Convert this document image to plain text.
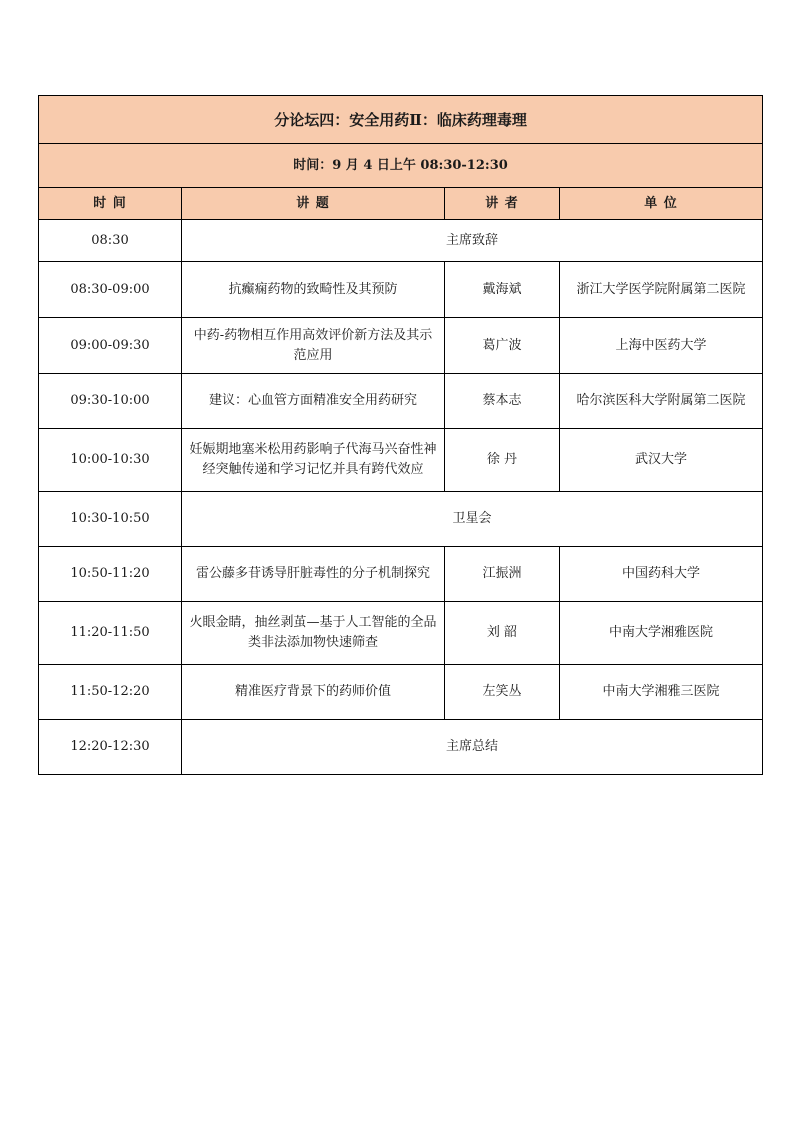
分论坛四：安全用药Ⅱ：临床药理毒理			
时间：9 月 4 日上午 08:30-12:30			
时 间	讲 题	讲 者	单 位
08:30	主席致辞		
08:30-09:00	抗癫痫药物的致畸性及其预防	戴海斌	浙江大学医学院附属第二医院
09:00-09:30	中药-药物相互作用高效评价新方法及其示范应用	葛广波	上海中医药大学
09:30-10:00	建议：心血管方面精准安全用药研究	蔡本志	哈尔滨医科大学附属第二医院
10:00-10:30	妊娠期地塞米松用药影响子代海马兴奋性神经突触传递和学习记忆并具有跨代效应	徐 丹	武汉大学
10:30-10:50	卫星会		
10:50-11:20	雷公藤多苷诱导肝脏毒性的分子机制探究	江振洲	中国药科大学
11:20-11:50	火眼金睛，抽丝剥茧—基于人工智能的全品类非法添加物快速筛查	刘 韶	中南大学湘雅医院
11:50-12:20	精准医疗背景下的药师价值	左笑丛	中南大学湘雅三医院
12:20-12:30	主席总结		
